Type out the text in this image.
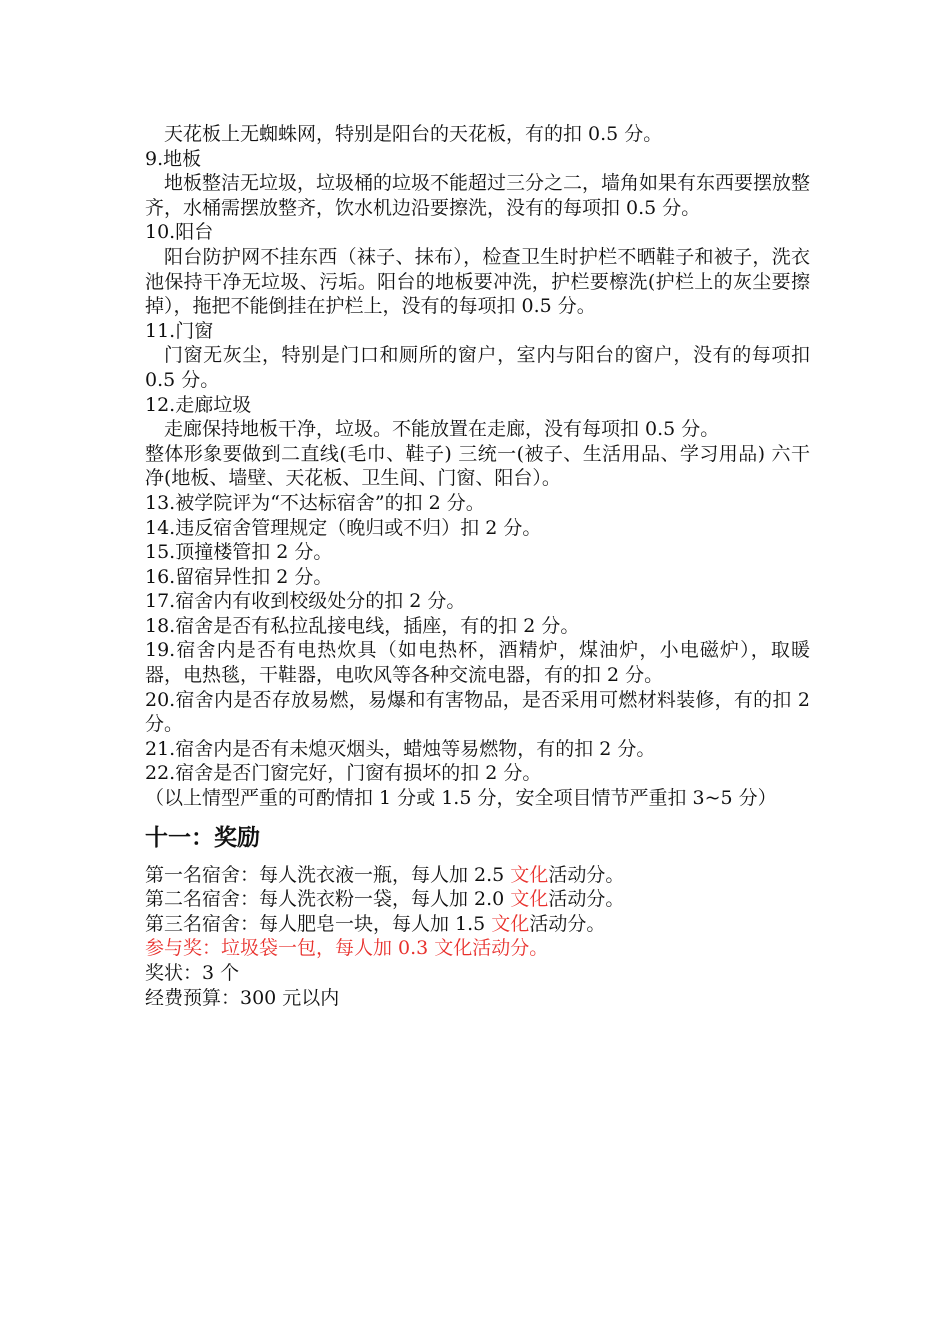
天花板上无蜘蛛网，特别是阳台的天花板，有的扣 0.5 分。

9.地板

地板整洁无垃圾，垃圾桶的垃圾不能超过三分之二，墙角如果有东西要摆放整齐，水桶需摆放整齐，饮水机边沿要擦洗，没有的每项扣 0.5 分。

10.阳台

阳台防护网不挂东西（袜子、抹布），检查卫生时护栏不晒鞋子和被子，洗衣池保持干净无垃圾、污垢。阳台的地板要冲洗，护栏要檫洗(护栏上的灰尘要擦掉），拖把不能倒挂在护栏上，没有的每项扣 0.5 分。

11.门窗

门窗无灰尘，特别是门口和厕所的窗户，室内与阳台的窗户，没有的每项扣 0.5 分。

12.走廊垃圾

走廊保持地板干净，垃圾。不能放置在走廊，没有每项扣 0.5 分。

整体形象要做到二直线(毛巾、鞋子) 三统一(被子、生活用品、学习用品) 六干净(地板、墙壁、天花板、卫生间、门窗、阳台）。

13.被学院评为“不达标宿舍”的扣 2 分。

14.违反宿舍管理规定（晚归或不归）扣 2 分。

15.顶撞楼管扣 2 分。

16.留宿异性扣 2 分。

17.宿舍内有收到校级处分的扣 2 分。

18.宿舍是否有私拉乱接电线，插座，有的扣 2 分。

19.宿舍内是否有电热炊具（如电热杯，酒精炉，煤油炉，小电磁炉），取暖器，电热毯，干鞋器，电吹风等各种交流电器，有的扣 2 分。

20.宿舍内是否存放易燃，易爆和有害物品，是否采用可燃材料装修，有的扣 2 分。

21.宿舍内是否有未熄灭烟头，蜡烛等易燃物，有的扣 2 分。

22.宿舍是否门窗完好，门窗有损坏的扣 2 分。

（以上情型严重的可酌情扣 1 分或 1.5 分，安全项目情节严重扣 3~5 分）

十一：奖励

第一名宿舍：每人洗衣液一瓶，每人加 2.5 文化活动分。

第二名宿舍：每人洗衣粉一袋，每人加 2.0 文化活动分。

第三名宿舍：每人肥皂一块，每人加 1.5 文化活动分。

参与奖：垃圾袋一包，每人加 0.3 文化活动分。

奖状：3 个

经费预算：300 元以内
